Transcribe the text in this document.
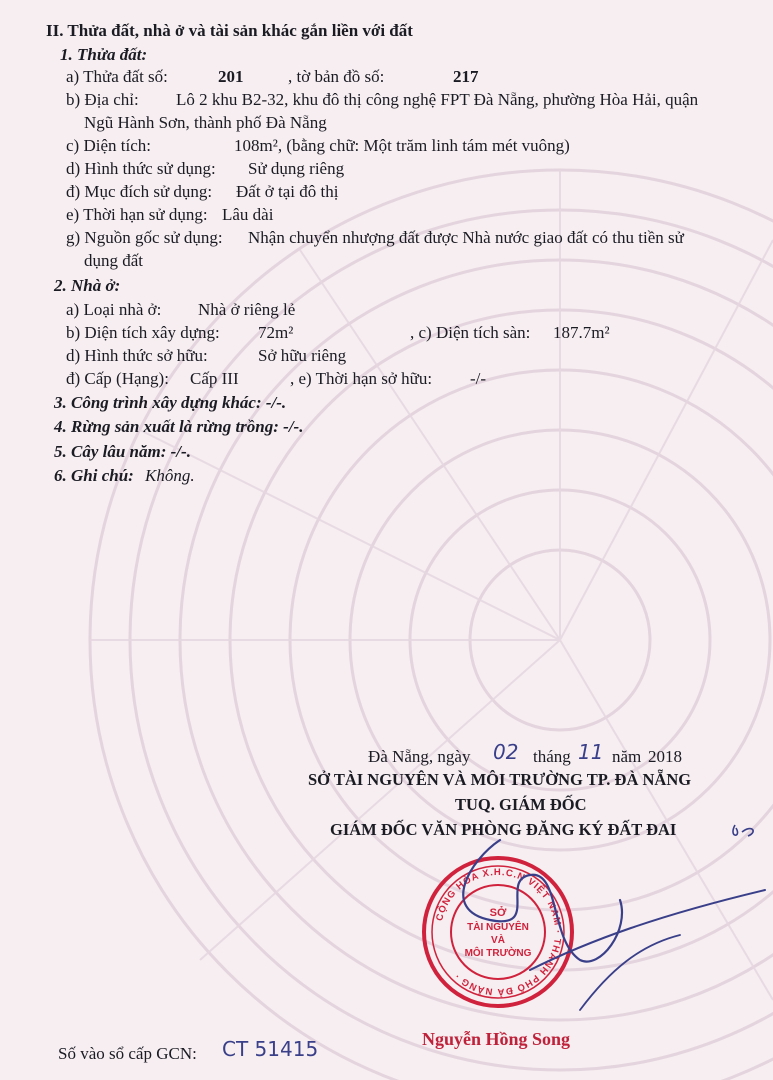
II. Thửa đất, nhà ở và tài sản khác gắn liền với đất
1. Thửa đất:
a) Thửa đất số:	201	, tờ bản đồ số:	217
b) Địa chỉ: Lô 2 khu B2-32, khu đô thị công nghệ FPT Đà Nẵng, phường Hòa Hải, quận
Ngũ Hành Sơn, thành phố Đà Nẵng
c) Diện tích:	108m², (bằng chữ: Một trăm linh tám mét vuông)
d) Hình thức sử dụng: Sử dụng riêng
đ) Mục đích sử dụng: Đất ở tại đô thị
e) Thời hạn sử dụng: Lâu dài
g) Nguồn gốc sử dụng: Nhận chuyển nhượng đất được Nhà nước giao đất có thu tiền sử
dụng đất
2. Nhà ở:
a) Loại nhà ở: Nhà ở riêng lẻ
b) Diện tích xây dựng: 72m²	, c) Diện tích sàn: 187.7m²
d) Hình thức sở hữu:	Sở hữu riêng
đ) Cấp (Hạng): Cấp III	, e) Thời hạn sở hữu: -/-
3. Công trình xây dựng khác: -/-.
4. Rừng sản xuất là rừng trồng: -/-.
5. Cây lâu năm: -/-.
6. Ghi chú: Không.
Đà Nẵng, ngày 02 tháng 11 năm 2018
SỞ TÀI NGUYÊN VÀ MÔI TRƯỜNG TP. ĐÀ NẴNG
TUQ. GIÁM ĐỐC
GIÁM ĐỐC VĂN PHÒNG ĐĂNG KÝ ĐẤT ĐAI
Nguyễn Hồng Song
Số vào sổ cấp GCN: CT 51415
CỘNG HÒA X.H.C.N VIỆT NAM · THÀNH PHỐ ĐÀ NẴNG ·
SỞ
TÀI NGUYÊN
VÀ
MÔI TRƯỜNG
